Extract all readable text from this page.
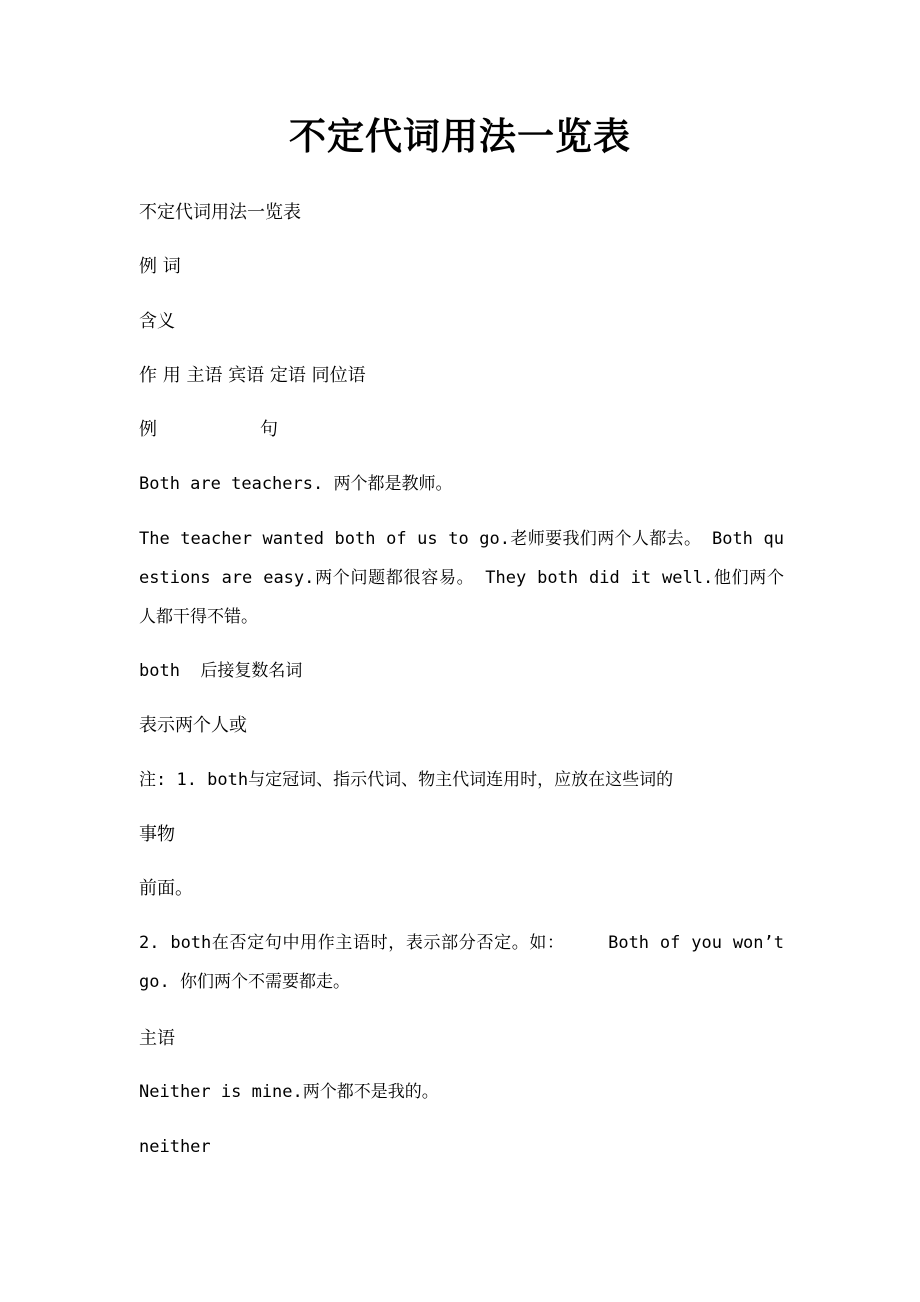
不定代词用法一览表

不定代词用法一览表

例 词

含义

作 用 主语 宾语 定语 同位语

例                  句

Both are teachers. 两个都是教师。

The teacher wanted both of us to go.老师要我们两个人都去。 Both questions are easy.两个问题都很容易。 They both did it well.他们两个人都干得不错。

both  后接复数名词

表示两个人或

注: 1. both与定冠词、指示代词、物主代词连用时，应放在这些词的

事物

前面。

2. both在否定句中用作主语时，表示部分否定。如：    Both of you won’t go. 你们两个不需要都走。

主语

Neither is mine.两个都不是我的。

neither
